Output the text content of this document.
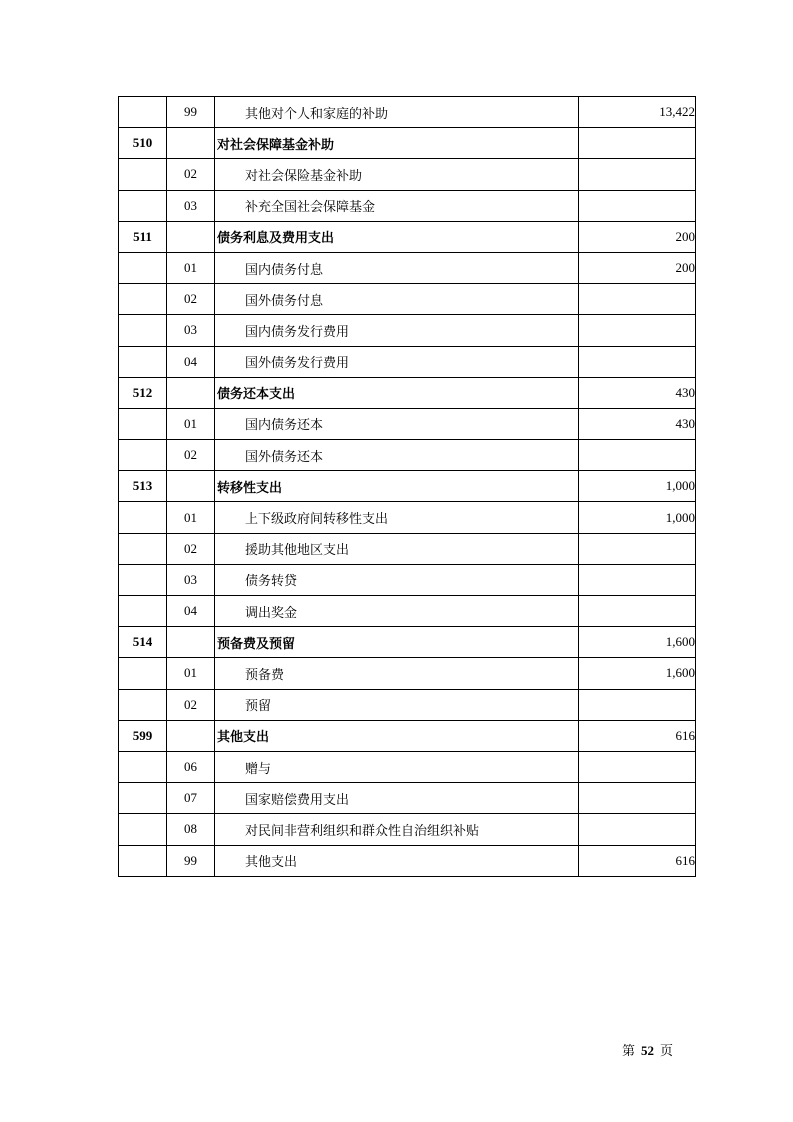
	99	其他对个人和家庭的补助	13,422
510		对社会保障基金补助	
	02	对社会保险基金补助	
	03	补充全国社会保障基金	
511		债务利息及费用支出	200
	01	国内债务付息	200
	02	国外债务付息	
	03	国内债务发行费用	
	04	国外债务发行费用	
512		债务还本支出	430
	01	国内债务还本	430
	02	国外债务还本	
513		转移性支出	1,000
	01	上下级政府间转移性支出	1,000
	02	援助其他地区支出	
	03	债务转贷	
	04	调出奖金	
514		预备费及预留	1,600
	01	预备费	1,600
	02	预留	
599		其他支出	616
	06	赠与	
	07	国家赔偿费用支出	
	08	对民间非营利组织和群众性自治组织补贴	
	99	其他支出	616
第 52 页
